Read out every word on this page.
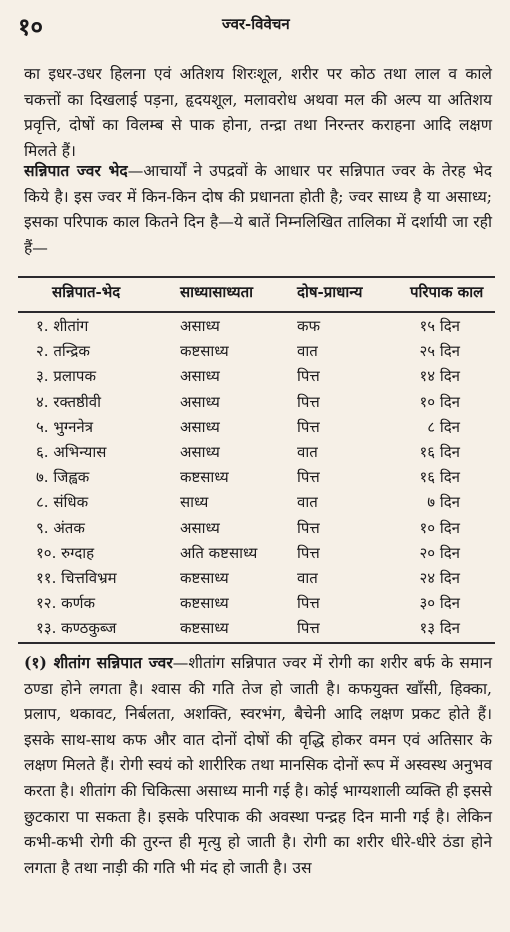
१०	ज्वर-विवेचन
का इधर-उधर हिलना एवं अतिशय शिरःशूल, शरीर पर कोठ तथा लाल व काले चकत्तों का दिखलाई पड़ना, हृदयशूल, मलावरोध अथवा मल की अल्प या अतिशय प्रवृत्ति, दोषों का विलम्ब से पाक होना, तन्द्रा तथा निरन्तर कराहना आदि लक्षण मिलते हैं।
सन्निपात ज्वर भेद—आचार्यों ने उपद्रवों के आधार पर सन्निपात ज्वर के तेरह भेद किये है। इस ज्वर में किन-किन दोष की प्रधानता होती है; ज्वर साध्य है या असाध्य; इसका परिपाक काल कितने दिन है—ये बातें निम्नलिखित तालिका में दर्शायी जा रही हैं—
सन्निपात-भेद	साध्यासाध्यता	दोष-प्राधान्य	परिपाक काल
१. शीतांग	असाध्य	कफ	१५ दिन
२. तन्द्रिक	कष्टसाध्य	वात	२५ दिन
३. प्रलापक	असाध्य	पित्त	१४ दिन
४. रक्तष्ठीवी	असाध्य	पित्त	१० दिन
५. भुग्ननेत्र	असाध्य	पित्त	८ दिन
६. अभिन्यास	असाध्य	वात	१६ दिन
७. जिह्वक	कष्टसाध्य	पित्त	१६ दिन
८. संधिक	साध्य	वात	७ दिन
९. अंतक	असाध्य	पित्त	१० दिन
१०. रुग्दाह	अति कष्टसाध्य	पित्त	२० दिन
११. चित्तविभ्रम	कष्टसाध्य	वात	२४ दिन
१२. कर्णक	कष्टसाध्य	पित्त	३० दिन
१३. कण्ठकुब्ज	कष्टसाध्य	पित्त	१३ दिन
(१) शीतांग सन्निपात ज्वर—शीतांग सन्निपात ज्वर में रोगी का शरीर बर्फ के समान ठण्डा होने लगता है। श्वास की गति तेज हो जाती है। कफयुक्त खाँसी, हिक्का, प्रलाप, थकावट, निर्बलता, अशक्ति, स्वरभंग, बैचेनी आदि लक्षण प्रकट होते हैं। इसके साथ-साथ कफ और वात दोनों दोषों की वृद्धि होकर वमन एवं अतिसार के लक्षण मिलते हैं। रोगी स्वयं को शारीरिक तथा मानसिक दोनों रूप में अस्वस्थ अनुभव करता है। शीतांग की चिकित्सा असाध्य मानी गई है। कोई भाग्यशाली व्यक्ति ही इससे छुटकारा पा सकता है। इसके परिपाक की अवस्था पन्द्रह दिन मानी गई है। लेकिन कभी-कभी रोगी की तुरन्त ही मृत्यु हो जाती है। रोगी का शरीर धीरे-धीरे ठंडा होने लगता है तथा नाड़ी की गति भी मंद हो जाती है। उस
